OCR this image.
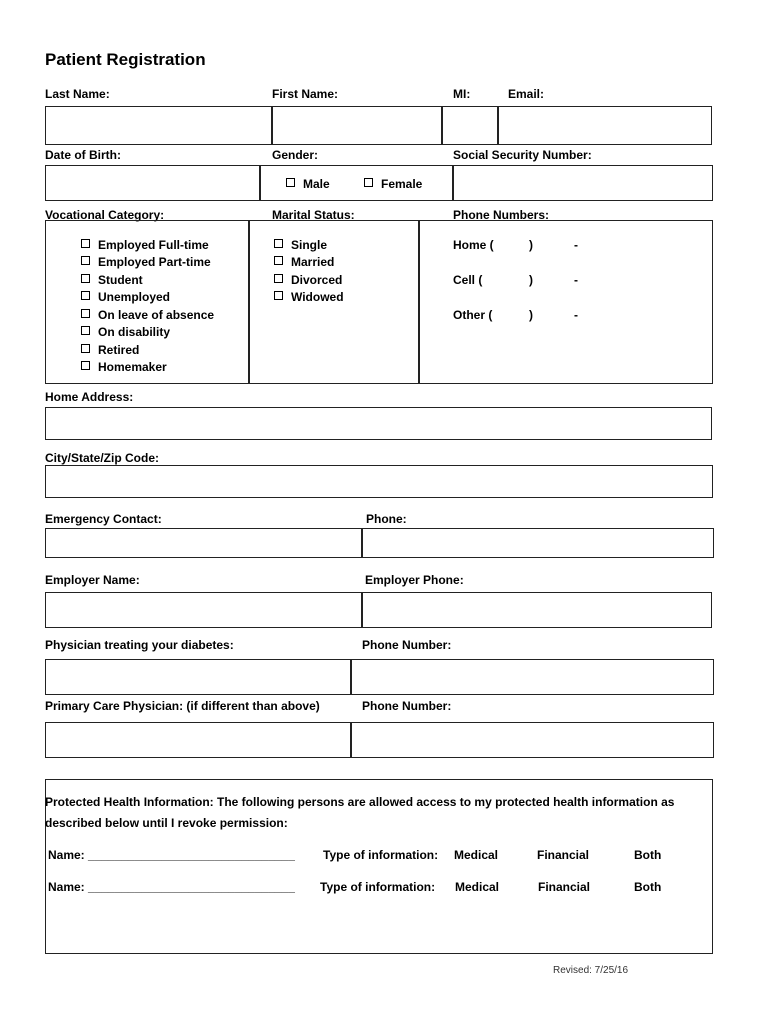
Patient Registration
Last Name:	First Name:	MI:	Email:
Date of Birth:	Gender:	Social Security Number:
Male	Female
Vocational Category:	Marital Status:	Phone Numbers:
Employed Full-time
Employed Part-time
Student
Unemployed
On leave of absence
On disability
Retired
Homemaker
Single
Married
Divorced
Widowed
Home (	)	-
Cell (	)	-
Other (	)	-
Home Address:
City/State/Zip Code:
Emergency Contact:	Phone:
Employer Name:	Employer Phone:
Physician treating your diabetes:	Phone Number:
Primary Care Physician: (if different than above)	Phone Number:
Protected Health Information: The following persons are allowed access to my protected health information as
described below until I revoke permission:
Name: _______________________________ Type of information: Medical	Financial	Both
Name: _______________________________ Type of information: Medical	Financial	Both
Revised: 7/25/16
